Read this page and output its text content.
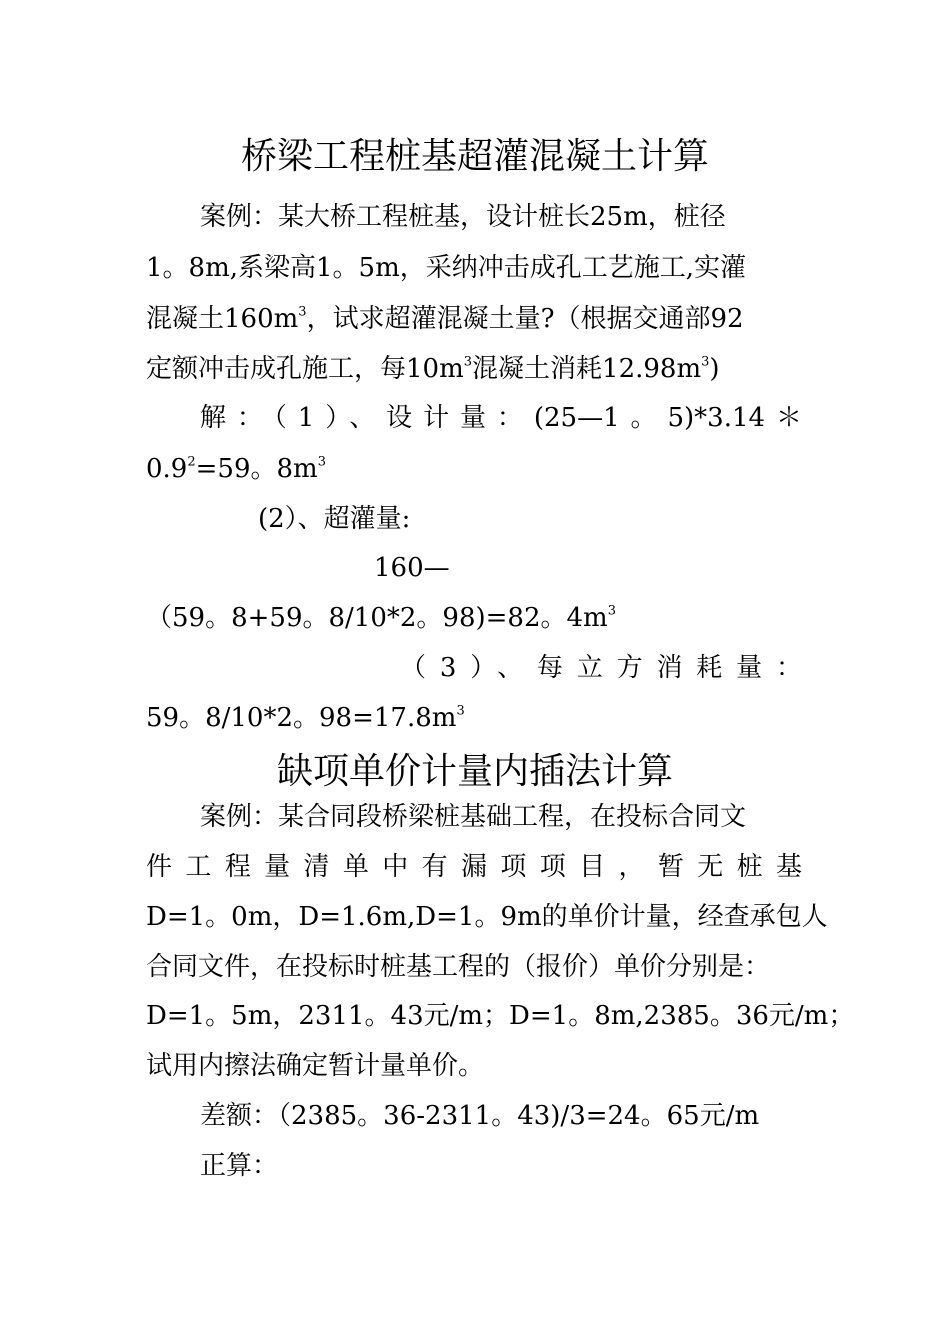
桥梁工程桩基超灌混凝土计算
案例：某大桥工程桩基，设计桩长25m，桩径
1。8m,系梁高1。5m，采纳冲击成孔工艺施工,实灌
混凝土$160m^3$，试求超灌混凝土量?（根据交通部92
定额冲击成孔施工，每$10m^3$混凝土消耗$12.98m^3$)
解：（1）、设计量：(25—1。5)*3.14＊
$0.9^2=59$。$8m^3$
(2）、超灌量:
160—
（59。8+59。8/10*2。98)=82。$4m^3$
（3）、每立方消耗量：
59。8/10*2。$98=17.8m^3$
缺项单价计量内插法计算
案例：某合同段桥梁桩基础工程，在投标合同文
件工程量清单中有漏项项目，暂无桩基
D=1。0m，D=1.6m,D=1。9m的单价计量，经查承包人
合同文件，在投标时桩基工程的（报价）单价分别是：
D=1。5m，2311。43元/m；D=1。8m,2385。36元/m；
试用内擦法确定暂计量单价。
差额：（2385。36-2311。43)/3=24。65元/m
正算：
